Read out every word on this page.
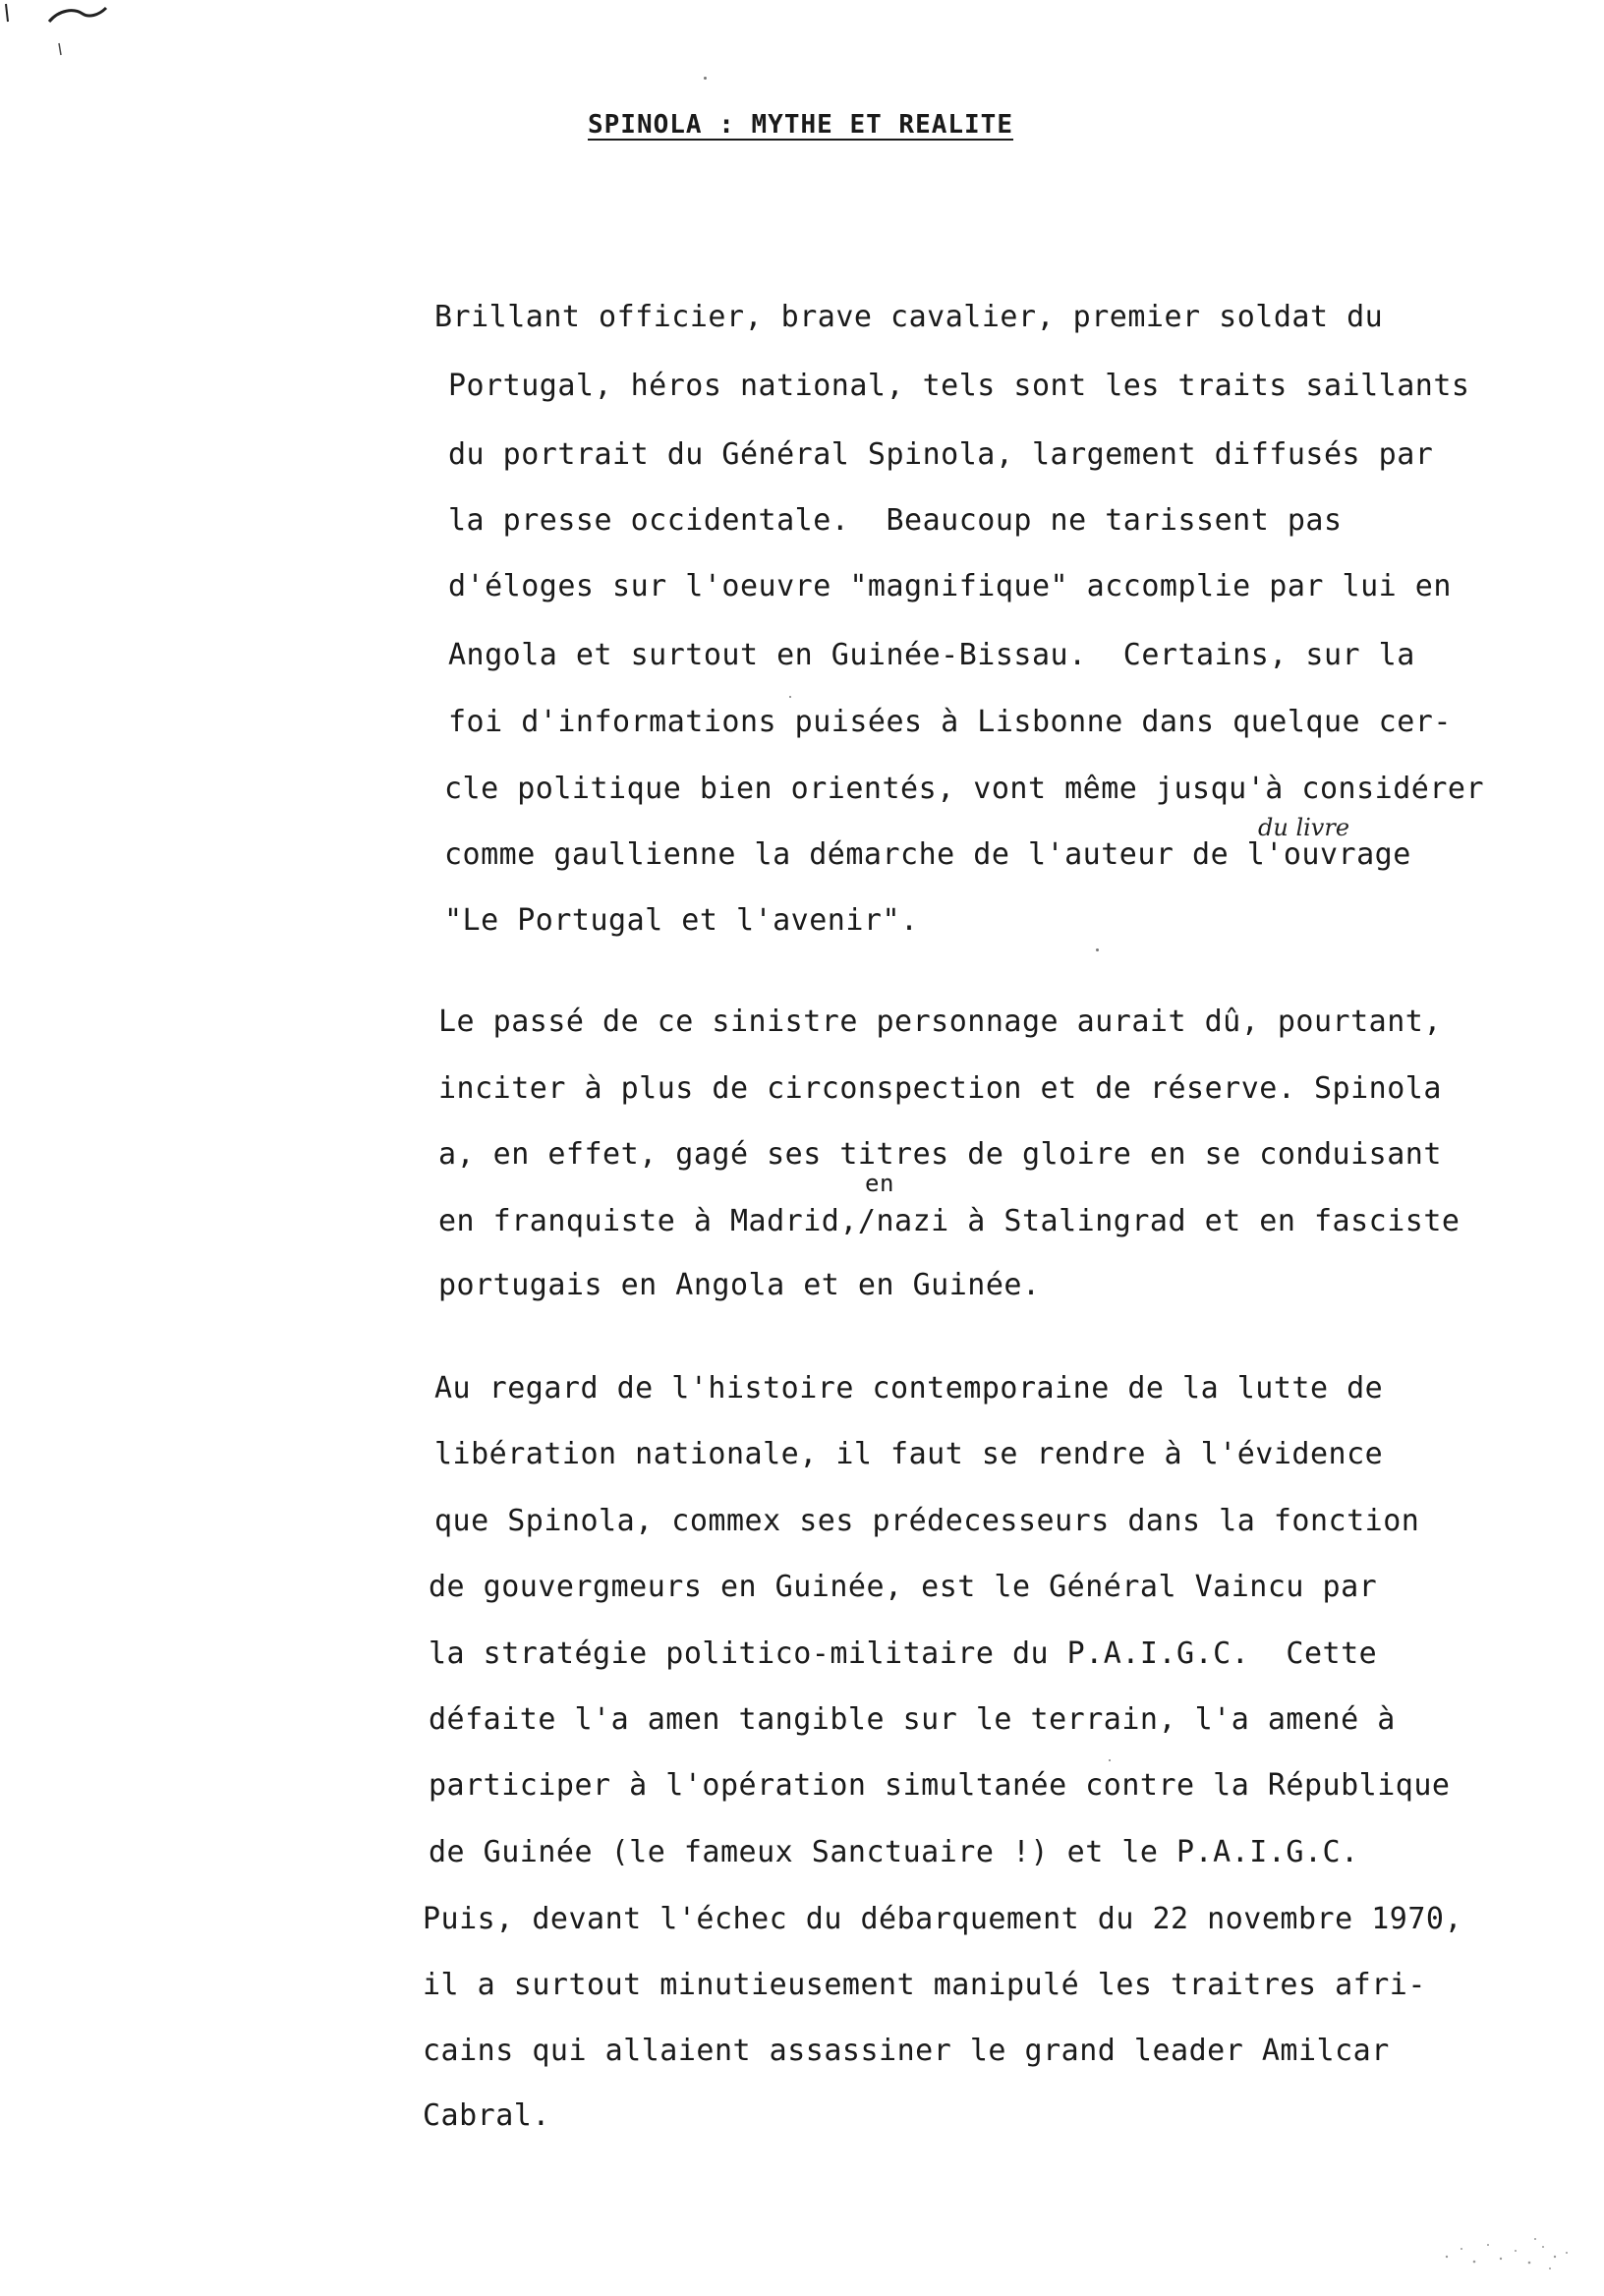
SPINOLA : MYTHE ET REALITE
Brillant officier, brave cavalier, premier soldat du
Portugal, héros national, tels sont les traits saillants
du portrait du Général Spinola, largement diffusés par
la presse occidentale.  Beaucoup ne tarissent pas
d'éloges sur l'oeuvre "magnifique" accomplie par lui en
Angola et surtout en Guinée-Bissau.  Certains, sur la
foi d'informations puisées à Lisbonne dans quelque cer-
cle politique bien orientés, vont même jusqu'à considérer
comme gaullienne la démarche de l'auteur de l'ouvrage
du livre
"Le Portugal et l'avenir".
Le passé de ce sinistre personnage aurait dû, pourtant,
inciter à plus de circonspection et de réserve. Spinola
a, en effet, gagé ses titres de gloire en se conduisant
en
en franquiste à Madrid,/nazi à Stalingrad et en fasciste
portugais en Angola et en Guinée.
Au regard de l'histoire contemporaine de la lutte de
libération nationale, il faut se rendre à l'évidence
que Spinola, commex ses prédecesseurs dans la fonction
de gouvergmeurs en Guinée, est le Général Vaincu par
la stratégie politico-militaire du P.A.I.G.C.  Cette
défaite l'a amen tangible sur le terrain, l'a amené à
participer à l'opération simultanée contre la République
de Guinée (le fameux Sanctuaire !) et le P.A.I.G.C.
Puis, devant l'échec du débarquement du 22 novembre 1970,
il a surtout minutieusement manipulé les traitres afri-
cains qui allaient assassiner le grand leader Amilcar
Cabral.
